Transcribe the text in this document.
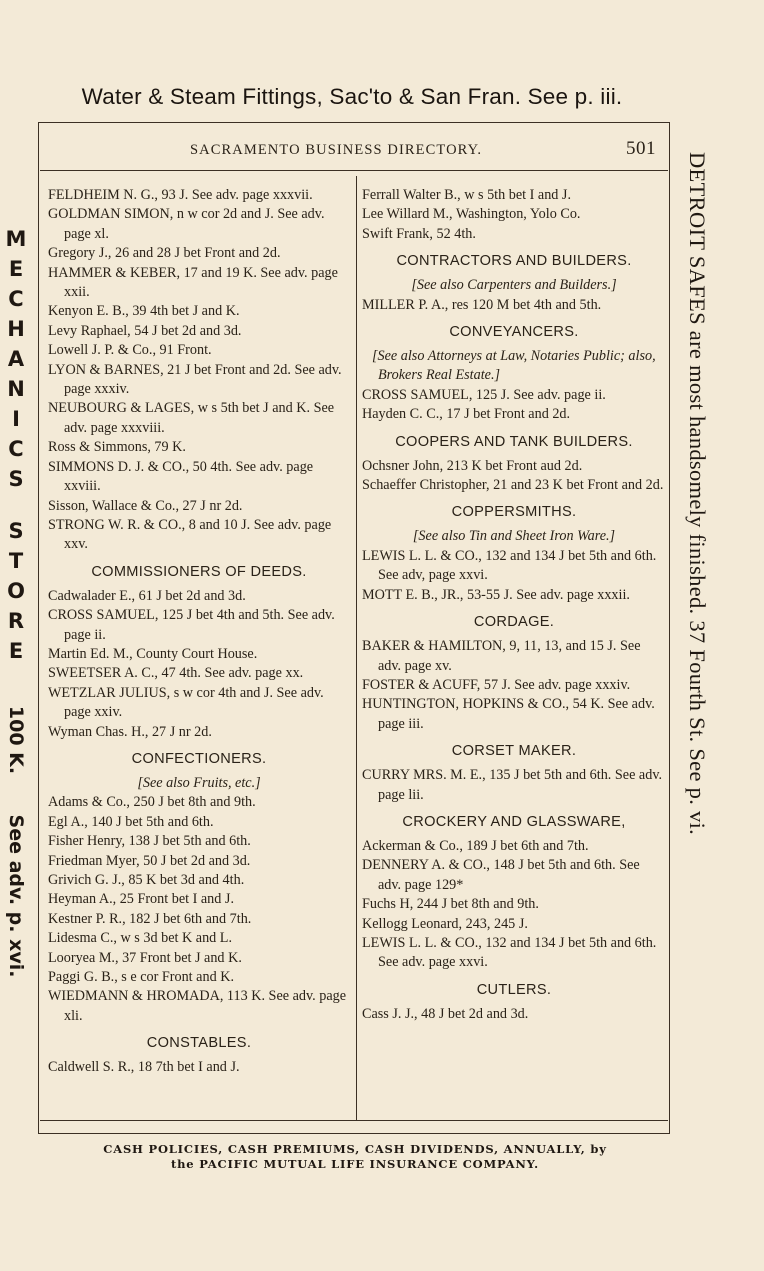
Water & Steam Fittings, Sac'to & San Fran. See p. iii.
SACRAMENTO BUSINESS DIRECTORY.	501
M
E
C
H
A
N
I
C
S
S
T
O
R
E
100 K.
See adv. p. xvi.
DETROIT SAFES are most handsomely finished. 37 Fourth St. See p. vi.
FELDHEIM N. G., 93 J. See adv. page xxxvii.
GOLDMAN SIMON, n w cor 2d and J. See adv. page xl.
Gregory J., 26 and 28 J bet Front and 2d.
HAMMER & KEBER, 17 and 19 K. See adv. page xxii.
Kenyon E. B., 39 4th bet J and K.
Levy Raphael, 54 J bet 2d and 3d.
Lowell J. P. & Co., 91 Front.
LYON & BARNES, 21 J bet Front and 2d. See adv. page xxxiv.
NEUBOURG & LAGES, w s 5th bet J and K. See adv. page xxxviii.
Ross & Simmons, 79 K.
SIMMONS D. J. & CO., 50 4th. See adv. page xxviii.
Sisson, Wallace & Co., 27 J nr 2d.
STRONG W. R. & CO., 8 and 10 J. See adv. page xxv.
COMMISSIONERS OF DEEDS.
Cadwalader E., 61 J bet 2d and 3d.
CROSS SAMUEL, 125 J bet 4th and 5th. See adv. page ii.
Martin Ed. M., County Court House.
SWEETSER A. C., 47 4th. See adv. page xx.
WETZLAR JULIUS, s w cor 4th and J. See adv. page xxiv.
Wyman Chas. H., 27 J nr 2d.
CONFECTIONERS.
[See also Fruits, etc.]
Adams & Co., 250 J bet 8th and 9th.
Egl A., 140 J bet 5th and 6th.
Fisher Henry, 138 J bet 5th and 6th.
Friedman Myer, 50 J bet 2d and 3d.
Grivich G. J., 85 K bet 3d and 4th.
Heyman A., 25 Front bet I and J.
Kestner P. R., 182 J bet 6th and 7th.
Lidesma C., w s 3d bet K and L.
Looryea M., 37 Front bet J and K.
Paggi G. B., s e cor Front and K.
WIEDMANN & HROMADA, 113 K. See adv. page xli.
CONSTABLES.
Caldwell S. R., 18 7th bet I and J.
Ferrall Walter B., w s 5th bet I and J.
Lee Willard M., Washington, Yolo Co.
Swift Frank, 52 4th.
CONTRACTORS AND BUILDERS.
[See also Carpenters and Builders.]
MILLER P. A., res 120 M bet 4th and 5th.
CONVEYANCERS.
[See also Attorneys at Law, Notaries Public; also, Brokers Real Estate.]
CROSS SAMUEL, 125 J. See adv. page ii.
Hayden C. C., 17 J bet Front and 2d.
COOPERS AND TANK BUILDERS.
Ochsner John, 213 K bet Front aud 2d.
Schaeffer Christopher, 21 and 23 K bet Front and 2d.
COPPERSMITHS.
[See also Tin and Sheet Iron Ware.]
LEWIS L. L. & CO., 132 and 134 J bet 5th and 6th. See adv, page xxvi.
MOTT E. B., JR., 53-55 J. See adv. page xxxii.
CORDAGE.
BAKER & HAMILTON, 9, 11, 13, and 15 J. See adv. page xv.
FOSTER & ACUFF, 57 J. See adv. page xxxiv.
HUNTINGTON, HOPKINS & CO., 54 K. See adv. page iii.
CORSET MAKER.
CURRY MRS. M. E., 135 J bet 5th and 6th. See adv. page lii.
CROCKERY AND GLASSWARE,
Ackerman & Co., 189 J bet 6th and 7th.
DENNERY A. & CO., 148 J bet 5th and 6th. See adv. page 129*
Fuchs H, 244 J bet 8th and 9th.
Kellogg Leonard, 243, 245 J.
LEWIS L. L. & CO., 132 and 134 J bet 5th and 6th. See adv. page xxvi.
CUTLERS.
Cass J. J., 48 J bet 2d and 3d.
CASH POLICIES, CASH PREMIUMS, CASH DIVIDENDS, ANNUALLY, by
the PACIFIC MUTUAL LIFE INSURANCE COMPANY.
